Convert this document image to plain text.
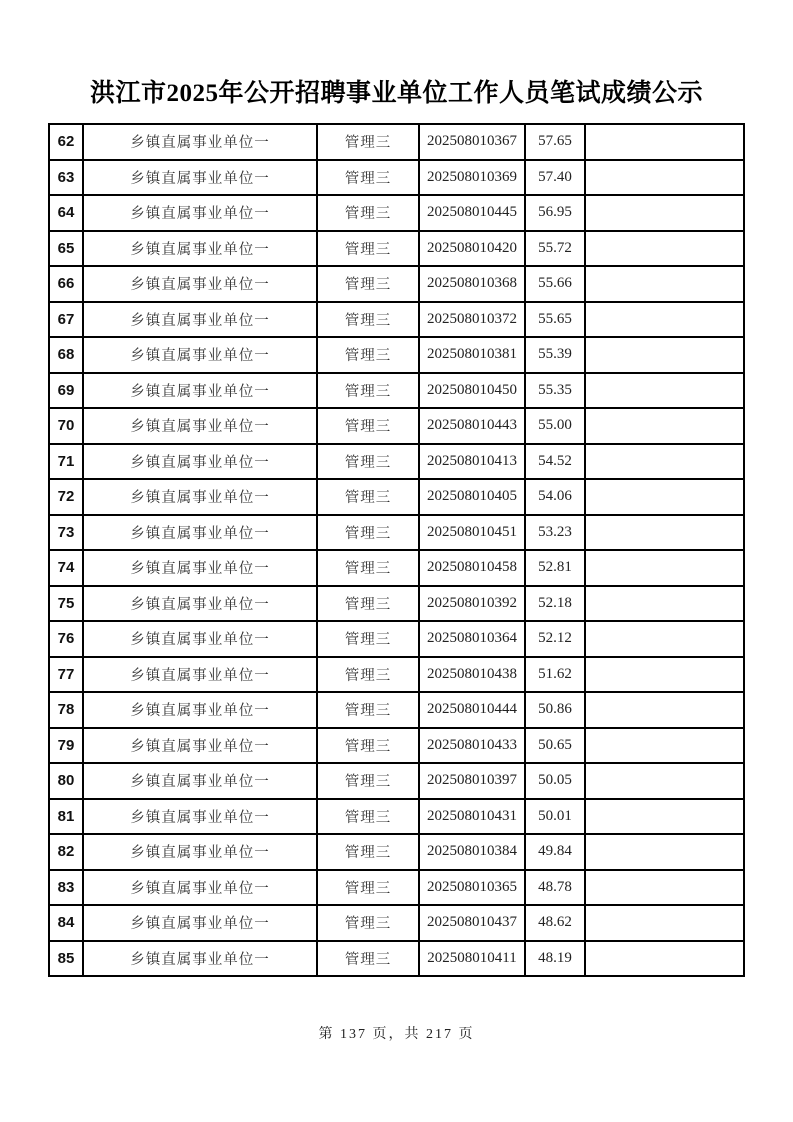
洪江市2025年公开招聘事业单位工作人员笔试成绩公示
62	乡镇直属事业单位一	管理三	202508010367	57.65	
63	乡镇直属事业单位一	管理三	202508010369	57.40	
64	乡镇直属事业单位一	管理三	202508010445	56.95	
65	乡镇直属事业单位一	管理三	202508010420	55.72	
66	乡镇直属事业单位一	管理三	202508010368	55.66	
67	乡镇直属事业单位一	管理三	202508010372	55.65	
68	乡镇直属事业单位一	管理三	202508010381	55.39	
69	乡镇直属事业单位一	管理三	202508010450	55.35	
70	乡镇直属事业单位一	管理三	202508010443	55.00	
71	乡镇直属事业单位一	管理三	202508010413	54.52	
72	乡镇直属事业单位一	管理三	202508010405	54.06	
73	乡镇直属事业单位一	管理三	202508010451	53.23	
74	乡镇直属事业单位一	管理三	202508010458	52.81	
75	乡镇直属事业单位一	管理三	202508010392	52.18	
76	乡镇直属事业单位一	管理三	202508010364	52.12	
77	乡镇直属事业单位一	管理三	202508010438	51.62	
78	乡镇直属事业单位一	管理三	202508010444	50.86	
79	乡镇直属事业单位一	管理三	202508010433	50.65	
80	乡镇直属事业单位一	管理三	202508010397	50.05	
81	乡镇直属事业单位一	管理三	202508010431	50.01	
82	乡镇直属事业单位一	管理三	202508010384	49.84	
83	乡镇直属事业单位一	管理三	202508010365	48.78	
84	乡镇直属事业单位一	管理三	202508010437	48.62	
85	乡镇直属事业单位一	管理三	202508010411	48.19	
第 137 页，共 217 页
